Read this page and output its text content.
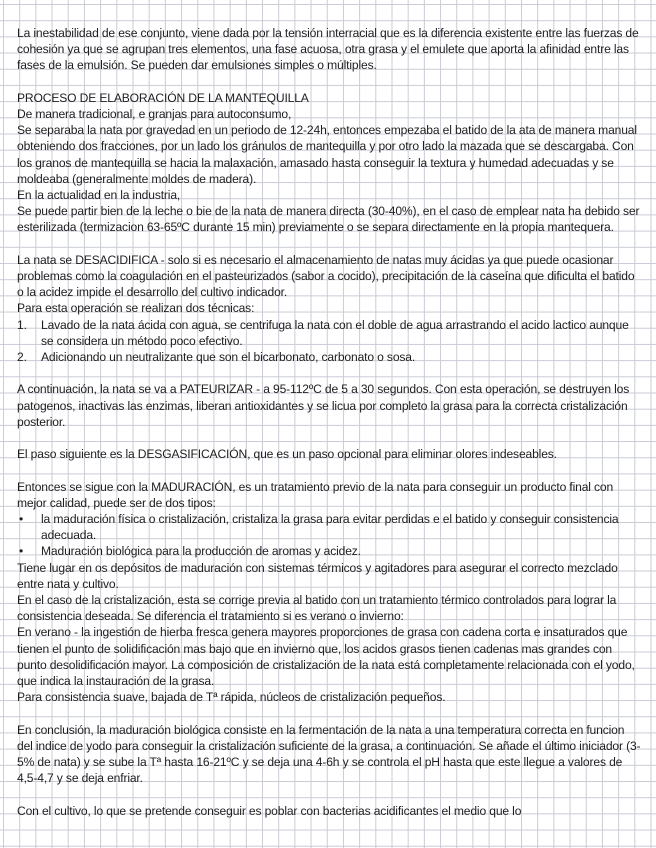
La inestabilidad de ese conjunto, viene dada por la tensión interracial que es la diferencia existente entre las fuerzas de cohesión ya que se agrupan tres elementos, una fase acuosa, otra grasa y el emulete que aporta la afinidad entre las fases de la emulsión. Se pueden dar emulsiones simples o múltiples.

PROCESO DE ELABORACIÓN DE LA MANTEQUILLA

De manera tradicional, e granjas para autoconsumo,

Se separaba la nata por gravedad en un periodo de 12-24h, entonces empezaba el batido de la ata de manera manual obteniendo dos fracciones, por un lado los gránulos de mantequilla y por otro lado la mazada que se descargaba. Con los granos de mantequilla se hacia la malaxación, amasado hasta conseguir la textura y humedad adecuadas y se moldeaba (generalmente moldes de madera).

En la actualidad en la industria,

Se puede partir bien de la leche o bie de la nata de manera directa (30-40%), en el caso de emplear nata ha debido ser esterilizada (termizacion 63-65ºC durante 15 min) previamente o se separa directamente en la propia mantequera.

La nata se DESACIDIFICA - solo si es necesario el almacenamiento de natas muy ácidas ya que puede ocasionar problemas como la coagulación en el pasteurizados (sabor a cocido), precipitación de la caseína que dificulta el batido o la acidez impide el desarrollo del cultivo indicador.

Para esta operación se realizan dos técnicas:

1. Lavado de la nata ácida con agua, se centrifuga la nata con el doble de agua arrastrando el acido lactico aunque se considera un método poco efectivo.
2. Adicionando un neutralizante que son el bicarbonato, carbonato o sosa.

A continuación, la nata se va a PATEURIZAR - a 95-112ºC de 5 a 30 segundos. Con esta operación, se destruyen los patogenos, inactivas las enzimas, liberan antioxidantes y se licua por completo la grasa para la correcta cristalización posterior.

El paso siguiente es la DESGASIFICACIÓN, que es un paso opcional para eliminar olores indeseables.

Entonces se sigue con la MADURACIÓN, es un tratamiento previo de la nata para conseguir un producto final con mejor calidad, puede ser de dos tipos:

• la maduración física o cristalización, cristaliza la grasa para evitar perdidas e el batido y conseguir consistencia adecuada.
• Maduración biológica para la producción de aromas y acidez.

Tiene lugar en os depósitos de maduración con sistemas térmicos y agitadores para asegurar el correcto mezclado entre nata y cultivo.

En el caso de la cristalización, esta se corrige previa al batido con un tratamiento térmico controlados para lograr la consistencia deseada. Se diferencia el tratamiento si es verano o invierno:

En verano - la ingestión de hierba fresca genera mayores proporciones de grasa con cadena corta e insaturados que tienen el punto de solidificación mas bajo que en invierno que, los acidos grasos tienen cadenas mas grandes con punto desolidificación mayor. La composición de cristalización de la nata está completamente relacionada con el yodo, que indica la instauración de la grasa.

Para consistencia suave, bajada de Tª rápida, núcleos de cristalización pequeños.

En conclusión, la maduración biológica consiste en la fermentación de la nata a una temperatura correcta en funcion del indice de yodo para conseguir la cristalización suficiente de la grasa, a continuación. Se añade el último iniciador (3-5% de nata) y se sube la Tª hasta 16-21ºC y se deja una 4-6h y se controla el pH hasta que este llegue a valores de 4,5-4,7 y se deja enfriar.

Con el cultivo, lo que se pretende conseguir es poblar con bacterias acidificantes el medio que lo
